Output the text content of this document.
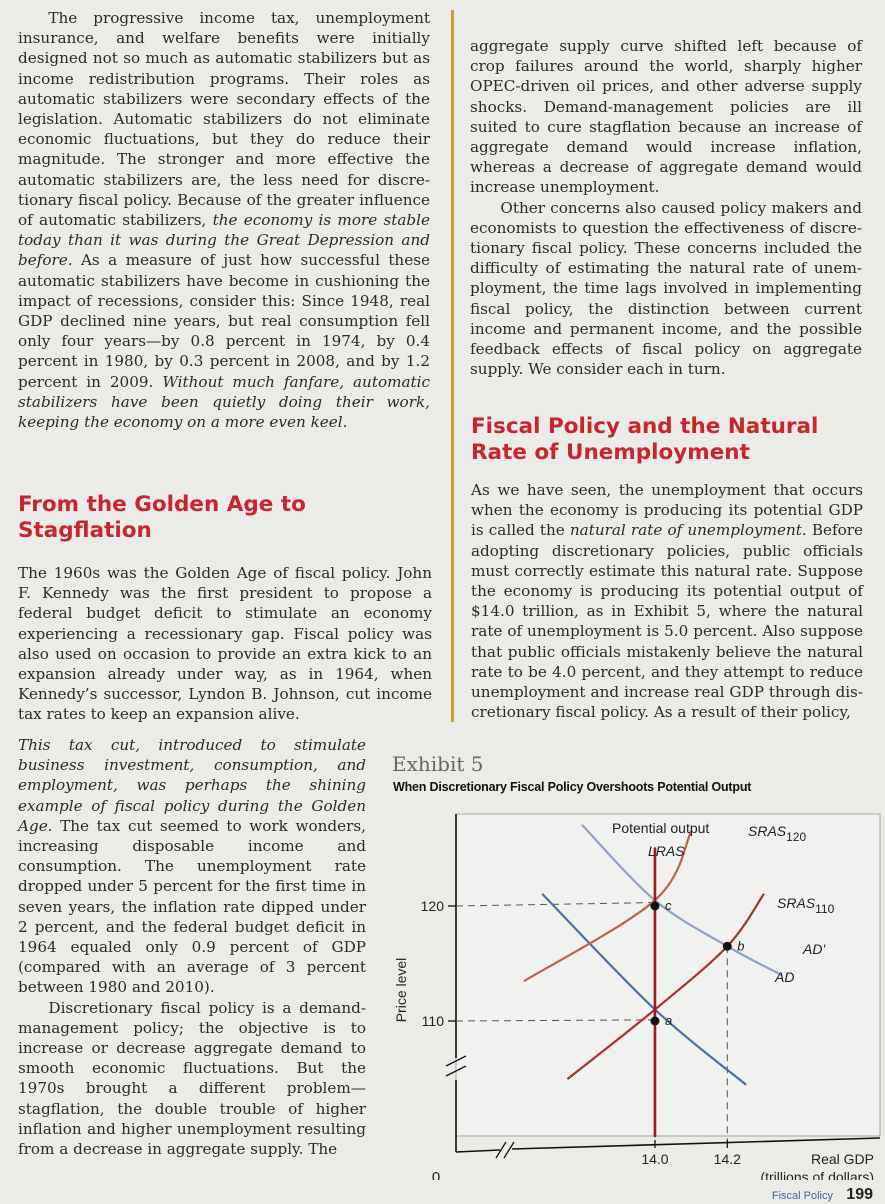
The progressive income tax, unemployment insurance, and welfare benefits were initially designed not so much as automatic stabilizers but as income redistribution programs. Their roles as automatic stabilizers were secondary effects of the legislation. Automatic stabilizers do not eliminate economic fluctuations, but they do reduce their magnitude. The stronger and more effective the automatic stabilizers are, the less need for discretionary fiscal policy. Because of the greater influence of automatic stabilizers, the economy is more stable today than it was during the Great Depression and before. As a measure of just how successful these automatic stabilizers have become in cushioning the impact of recessions, consider this: Since 1948, real GDP declined nine years, but real consumption fell only four years—by 0.8 percent in 1974, by 0.4 percent in 1980, by 0.3 percent in 2008, and by 1.2 percent in 2009. Without much fanfare, automatic stabilizers have been quietly doing their work, keeping the economy on a more even keel.

aggregate supply curve shifted left because of crop failures around the world, sharply higher OPEC-driven oil prices, and other adverse supply shocks. Demand-management policies are ill suited to cure stagflation because an increase of aggregate demand would increase inflation, whereas a decrease of aggregate demand would increase unemployment.

Other concerns also caused policy makers and economists to question the effectiveness of discretionary fiscal policy. These concerns included the difficulty of estimating the natural rate of unemployment, the time lags involved in implementing fiscal policy, the distinction between current income and permanent income, and the possible feedback effects of fiscal policy on aggregate supply. We consider each in turn.

From the Golden Age to Stagflation
Fiscal Policy and the Natural Rate of Unemployment

The 1960s was the Golden Age of fiscal policy. John F. Kennedy was the first president to propose a federal budget deficit to stimulate an economy experiencing a recessionary gap. Fiscal policy was also used on occasion to provide an extra kick to an expansion already under way, as in 1964, when Kennedy’s successor, Lyndon B. Johnson, cut income tax rates to keep an expansion alive.

This tax cut, introduced to stimulate business investment, consumption, and employment, was perhaps the shining example of fiscal policy during the Golden Age. The tax cut seemed to work wonders, increasing disposable income and consumption. The unemployment rate dropped under 5 percent for the first time in seven years, the inflation rate dipped under 2 percent, and the federal budget deficit in 1964 equaled only 0.9 percent of GDP (compared with an average of 3 percent between 1980 and 2010).

Discretionary fiscal policy is a demand-management policy; the objective is to increase or decrease aggregate demand to smooth economic fluctuations. But the 1970s brought a different problem—stagflation, the double trouble of higher inflation and higher unemployment resulting from a decrease in aggregate supply. The

As we have seen, the unemployment that occurs when the economy is producing its potential GDP is called the natural rate of unemployment. Before adopting discretionary policies, public officials must correctly estimate this natural rate. Suppose the economy is producing its potential output of $14.0 trillion, as in Exhibit 5, where the natural rate of unemployment is 5.0 percent. Also suppose that public officials mistakenly believe the natural rate to be 4.0 percent, and they attempt to reduce unemployment and increase real GDP through discretionary fiscal policy. As a result of their policy,

Exhibit 5
When Discretionary Fiscal Policy Overshoots Potential Output
110
120
14.0	14.2
0
Real GDP
(trillions of dollars)
Price level
SRAS120
SRAS110
LRAS
AD'
AD
Potential output
a
b
c
Fiscal Policy 199
